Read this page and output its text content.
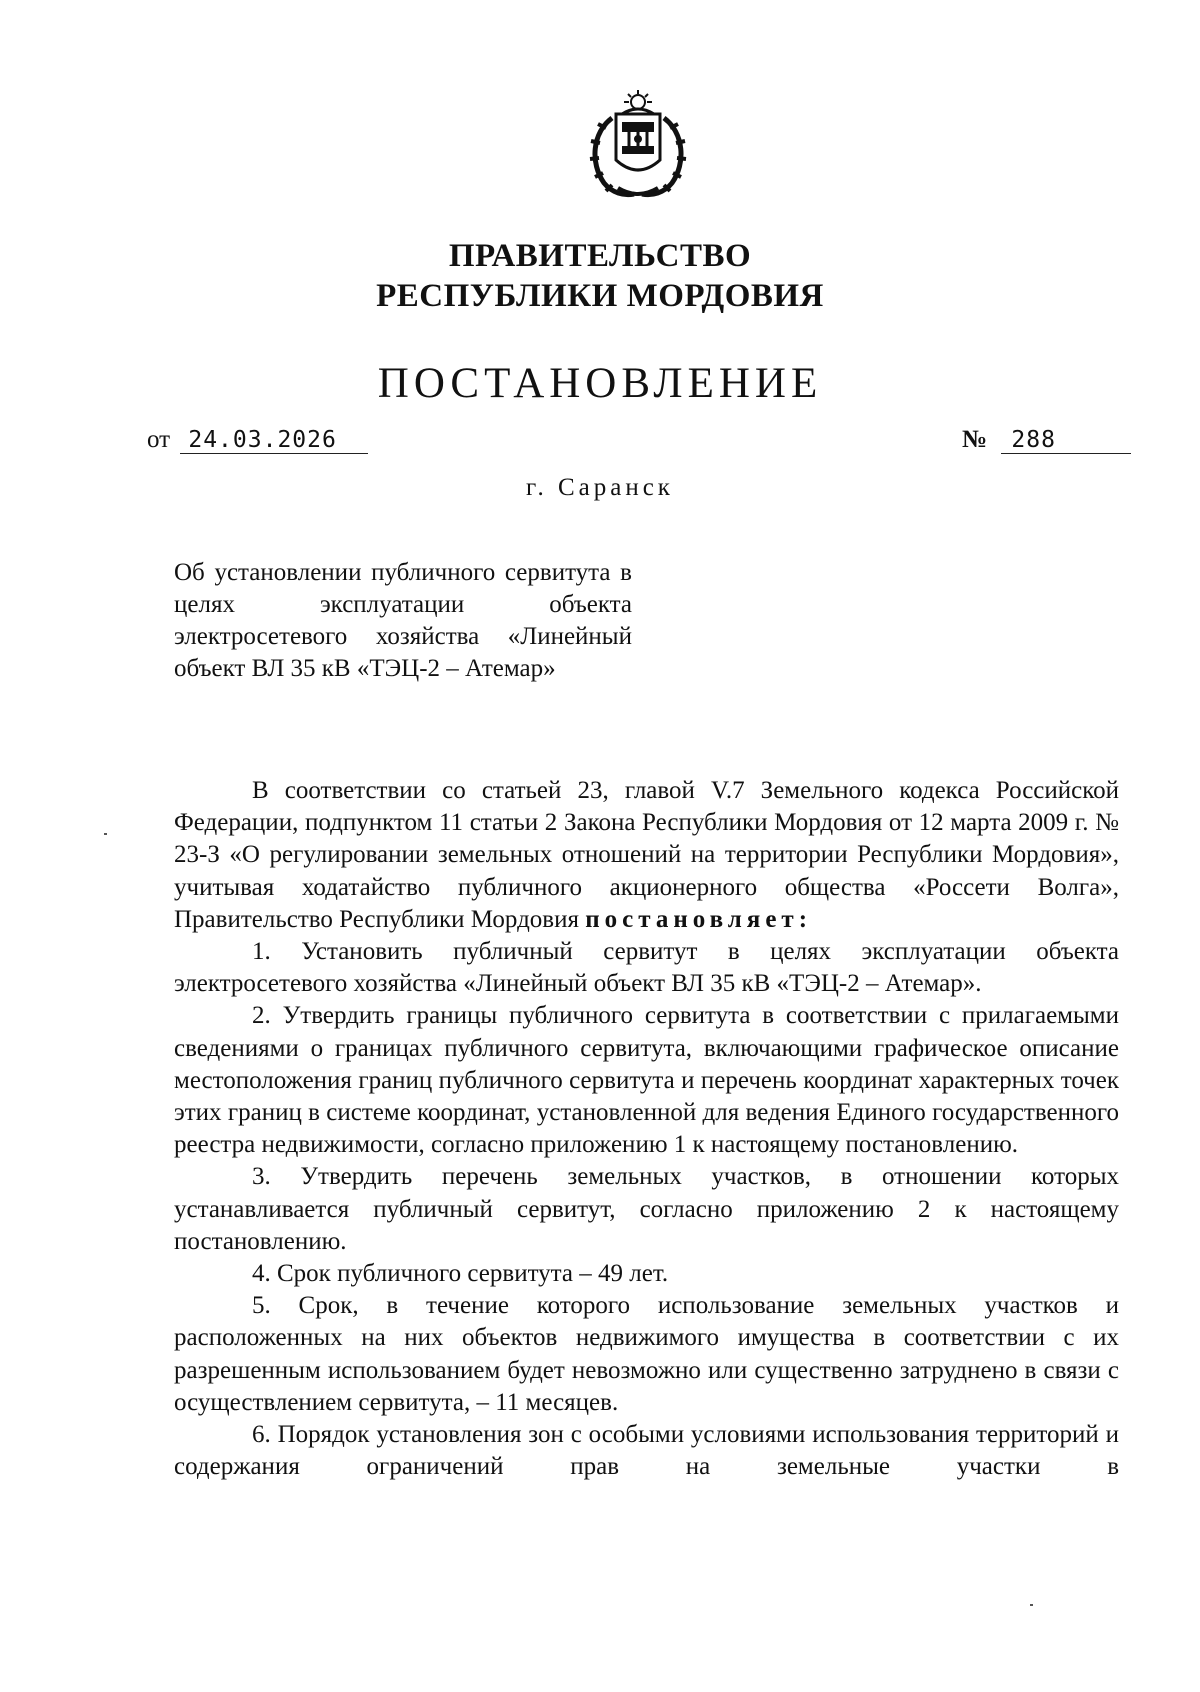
ПРАВИТЕЛЬСТВО
РЕСПУБЛИКИ МОРДОВИЯ
ПОСТАНОВЛЕНИЕ
от 24.03.2026	№ 288
г. Саранск
Об установлении публичного сервитута в целях эксплуатации объекта электросетевого хозяйства «Линейный объект ВЛ 35 кВ «ТЭЦ-2 – Атемар»

В соответствии со статьей 23, главой V.7 Земельного кодекса Российской Федерации, подпунктом 11 статьи 2 Закона Республики Мордовия от 12 марта 2009 г. № 23-З «О регулировании земельных отношений на территории Республики Мордовия», учитывая ходатайство публичного акционерного общества «Россети Волга», Правительство Республики Мордовия постановляет:

1. Установить публичный сервитут в целях эксплуатации объекта электросетевого хозяйства «Линейный объект ВЛ 35 кВ «ТЭЦ-2 – Атемар».

2. Утвердить границы публичного сервитута в соответствии с прилагаемыми сведениями о границах публичного сервитута, включающими графическое описание местоположения границ публичного сервитута и перечень координат характерных точек этих границ в системе координат, установленной для ведения Единого государственного реестра недвижимости, согласно приложению 1 к настоящему постановлению.

3. Утвердить перечень земельных участков, в отношении которых устанавливается публичный сервитут, согласно приложению 2 к настоящему постановлению.

4. Срок публичного сервитута – 49 лет.

5. Срок, в течение которого использование земельных участков и расположенных на них объектов недвижимого имущества в соответствии с их разрешенным использованием будет невозможно или существенно затруднено в связи с осуществлением сервитута, – 11 месяцев.

6. Порядок установления зон с особыми условиями использования территорий и содержания ограничений прав на земельные участки в
